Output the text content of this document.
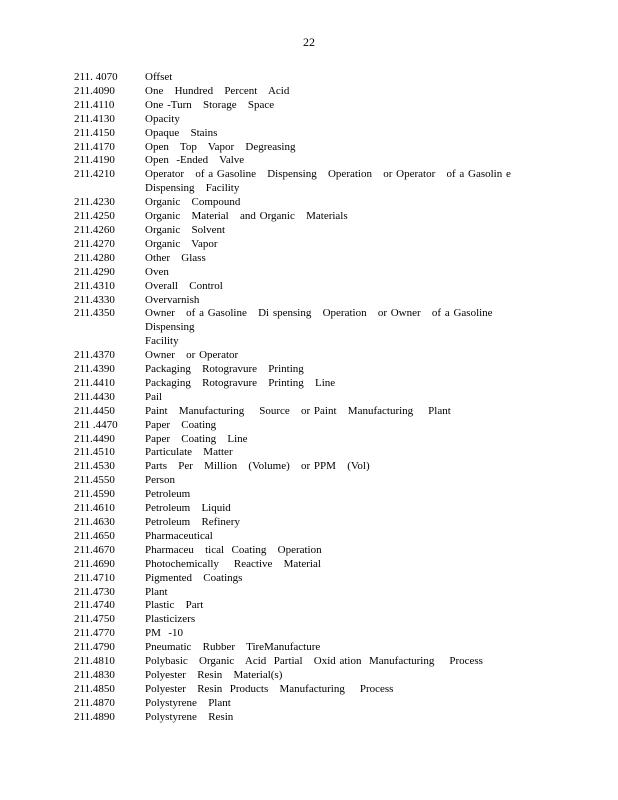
22
211. 4070	Offset
211.4090	One   Hundred   Percent   Acid
211.4110	One -Turn   Storage   Space
211.4130	Opacity
211.4150	Opaque   Stains
211.4170	Open   Top   Vapor   Degreasing
211.4190	Open  -Ended   Valve
211.4210	Operator   of a Gasoline   Dispensing   Operation   or Operator   of a Gasolin e
Dispensing   Facility
211.4230	Organic   Compound
211.4250	Organic   Material   and Organic   Materials
211.4260	Organic   Solvent
211.4270	Organic   Vapor
211.4280	Other   Glass
211.4290	Oven
211.4310	Overall   Control
211.4330	Overvarnish
211.4350	Owner   of a Gasoline   Di spensing   Operation   or Owner   of a Gasoline   Dispensing
Facility
211.4370	Owner   or Operator
211.4390	Packaging   Rotogravure   Printing
211.4410	Packaging   Rotogravure   Printing   Line
211.4430	Pail
211.4450	Paint   Manufacturing    Source   or Paint   Manufacturing    Plant
211 .4470	Paper   Coating
211.4490	Paper   Coating   Line
211.4510	Particulate   Matter
211.4530	Parts   Per   Million   (Volume)   or PPM   (Vol)
211.4550	Person
211.4590	Petroleum
211.4610	Petroleum   Liquid
211.4630	Petroleum   Refinery
211.4650	Pharmaceutical
211.4670	Pharmaceu   tical  Coating   Operation
211.4690	Photochemically    Reactive   Material
211.4710	Pigmented   Coatings
211.4730	Plant
211.4740	Plastic   Part
211.4750	Plasticizers
211.4770	PM  -10
211.4790	Pneumatic   Rubber   TireManufacture
211.4810	Polybasic   Organic   Acid  Partial   Oxid ation  Manufacturing    Process
211.4830	Polyester   Resin   Material(s)
211.4850	Polyester   Resin  Products   Manufacturing    Process
211.4870	Polystyrene   Plant
211.4890	Polystyrene   Resin
